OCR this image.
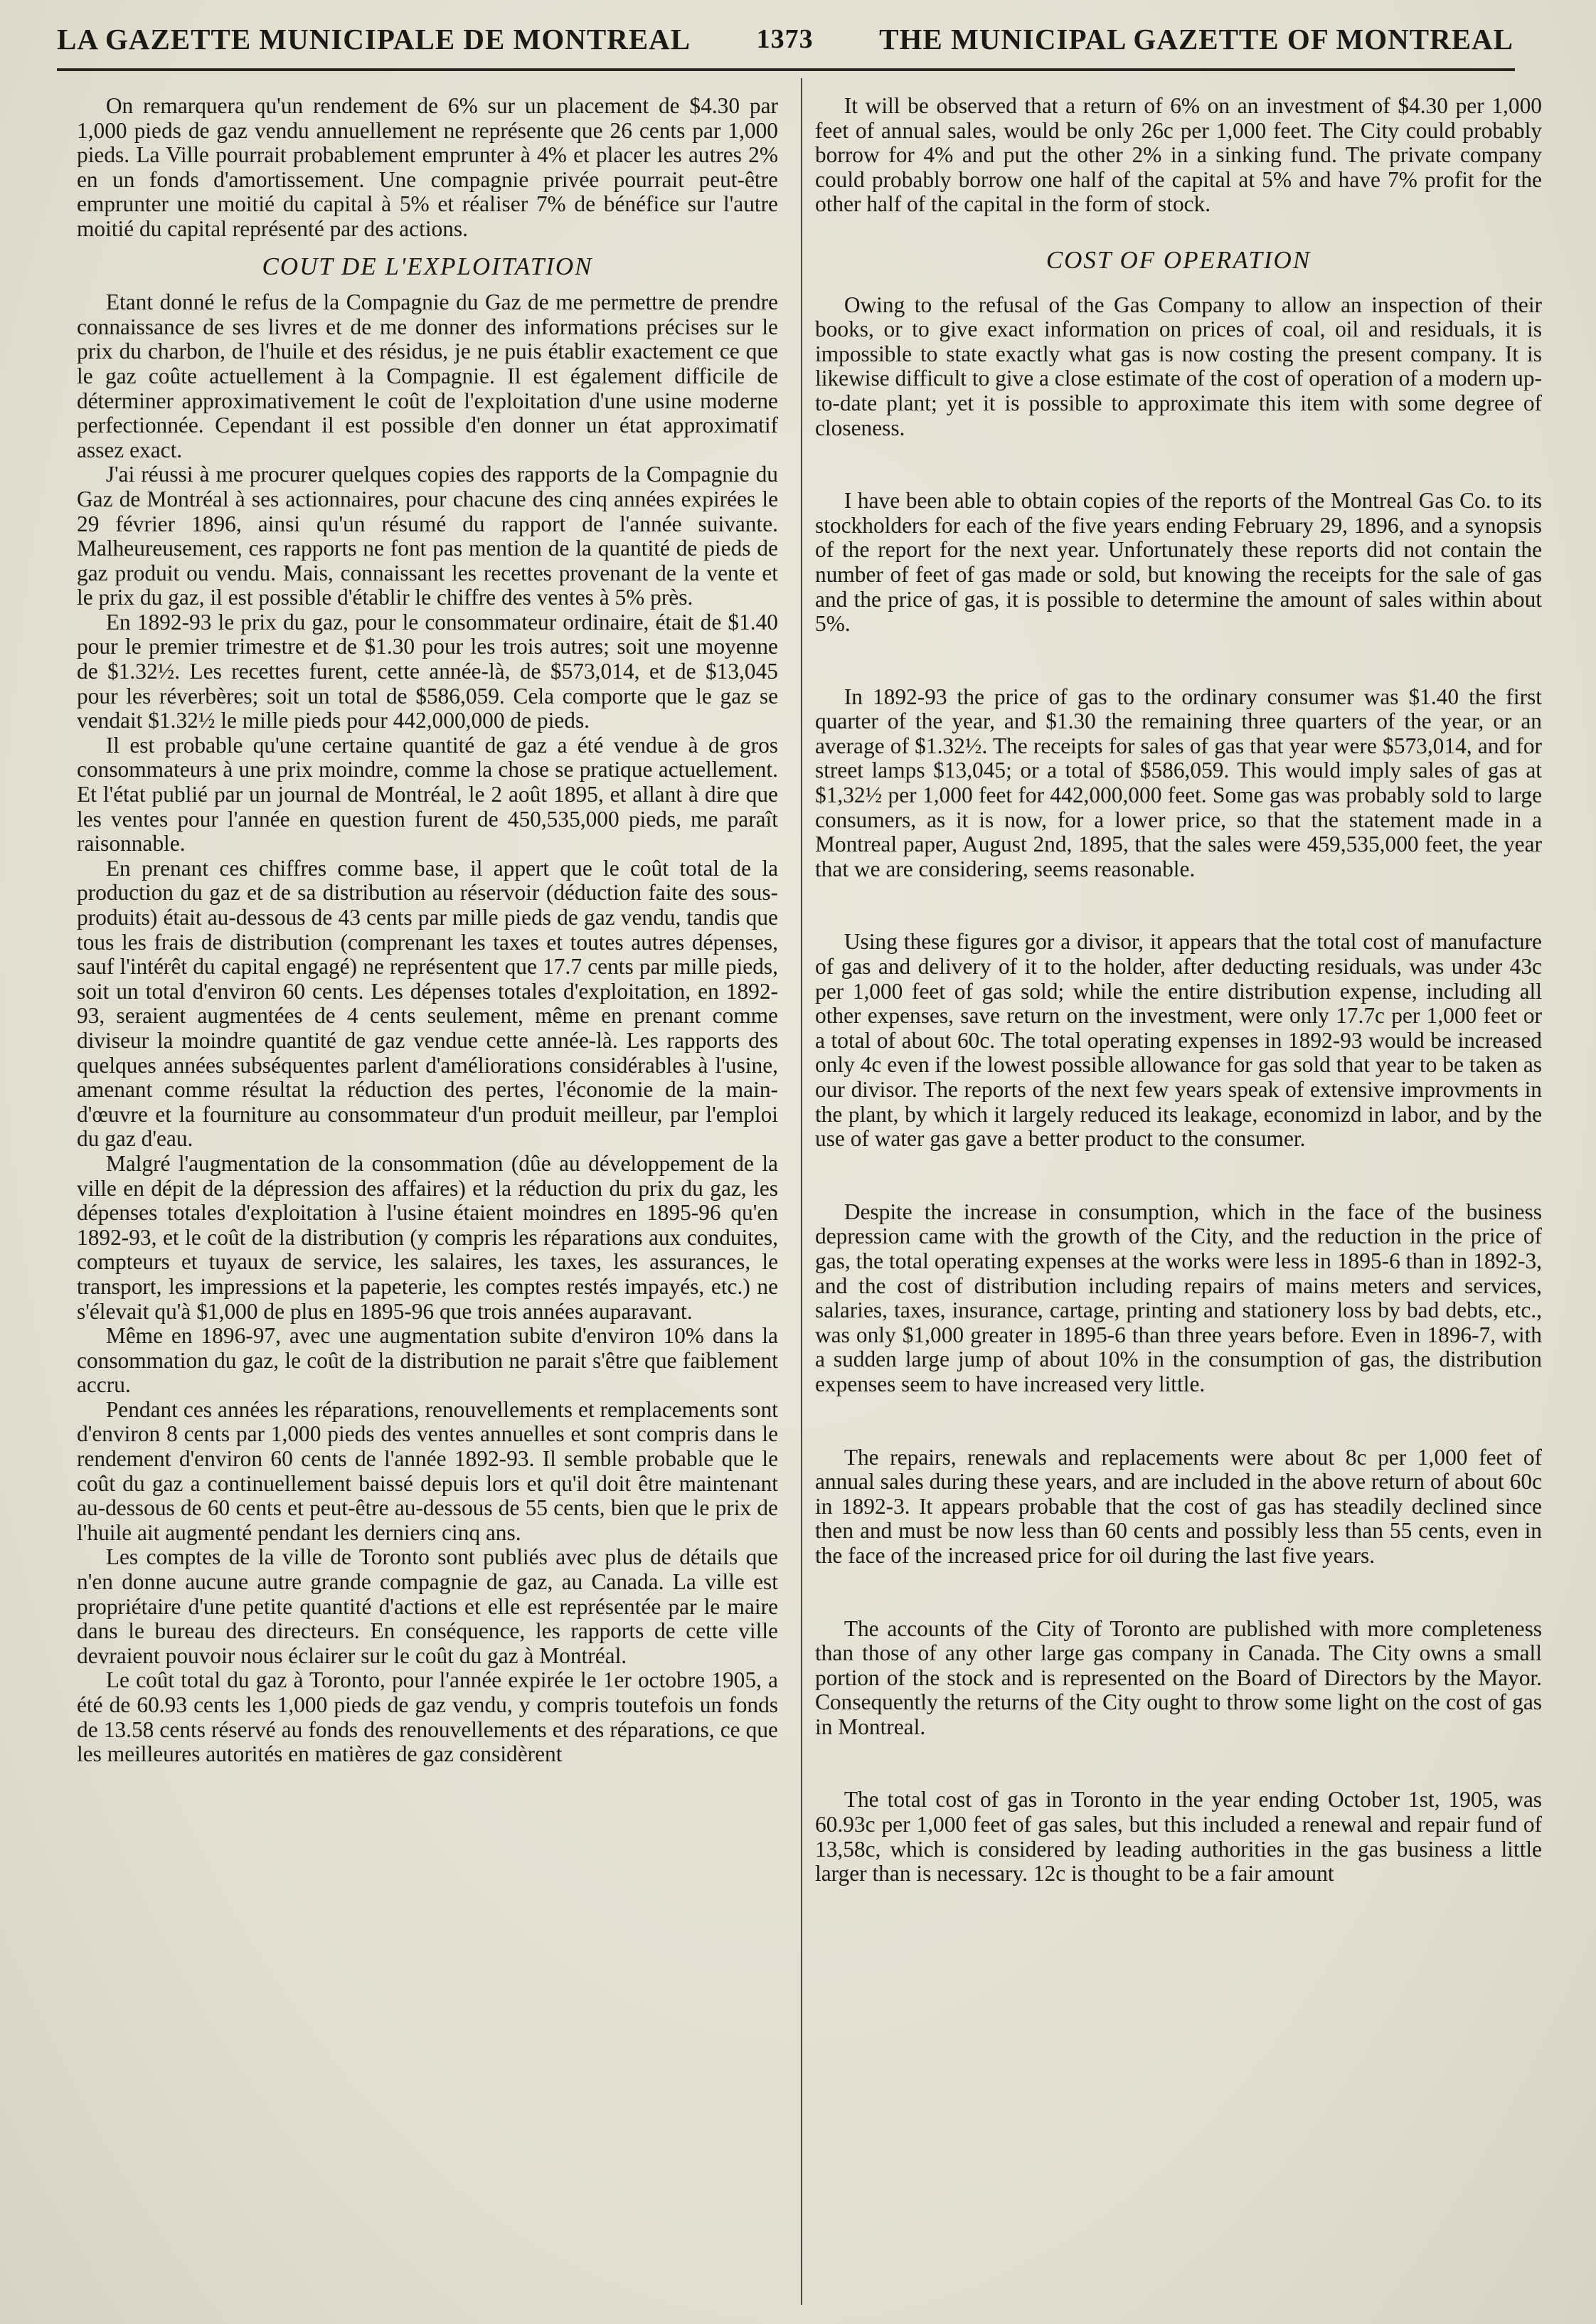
LA GAZETTE MUNICIPALE DE MONTREAL 1373 THE MUNICIPAL GAZETTE OF MONTREAL

On remarquera qu'un rendement de 6% sur un placement de $4.30 par 1,000 pieds de gaz vendu annuellement ne représente que 26 cents par 1,000 pieds. La Ville pourrait probablement emprunter à 4% et placer les autres 2% en un fonds d'amortissement. Une compagnie privée pourrait peut-être emprunter une moitié du capital à 5% et réaliser 7% de bénéfice sur l'autre moitié du capital représenté par des actions.

COUT DE L'EXPLOITATION

Etant donné le refus de la Compagnie du Gaz de me permettre de prendre connaissance de ses livres et de me donner des informations précises sur le prix du charbon, de l'huile et des résidus, je ne puis établir exactement ce que le gaz coûte actuellement à la Compagnie. Il est également difficile de déterminer approximativement le coût de l'exploitation d'une usine moderne perfectionnée. Cependant il est possible d'en donner un état approximatif assez exact.

J'ai réussi à me procurer quelques copies des rapports de la Compagnie du Gaz de Montréal à ses actionnaires, pour chacune des cinq années expirées le 29 février 1896, ainsi qu'un résumé du rapport de l'année suivante. Malheureusement, ces rapports ne font pas mention de la quantité de pieds de gaz produit ou vendu. Mais, connaissant les recettes provenant de la vente et le prix du gaz, il est possible d'établir le chiffre des ventes à 5% près.

En 1892-93 le prix du gaz, pour le consommateur ordinaire, était de $1.40 pour le premier trimestre et de $1.30 pour les trois autres; soit une moyenne de $1.32½. Les recettes furent, cette année-là, de $573,014, et de $13,045 pour les réverbères; soit un total de $586,059. Cela comporte que le gaz se vendait $1.32½ le mille pieds pour 442,000,000 de pieds.

Il est probable qu'une certaine quantité de gaz a été vendue à de gros consommateurs à une prix moindre, comme la chose se pratique actuellement. Et l'état publié par un journal de Montréal, le 2 août 1895, et allant à dire que les ventes pour l'année en question furent de 450,535,000 pieds, me paraît raisonnable.

En prenant ces chiffres comme base, il appert que le coût total de la production du gaz et de sa distribution au réservoir (déduction faite des sous-produits) était au-dessous de 43 cents par mille pieds de gaz vendu, tandis que tous les frais de distribution (comprenant les taxes et toutes autres dépenses, sauf l'intérêt du capital engagé) ne représentent que 17.7 cents par mille pieds, soit un total d'environ 60 cents. Les dépenses totales d'exploitation, en 1892-93, seraient augmentées de 4 cents seulement, même en prenant comme diviseur la moindre quantité de gaz vendue cette année-là. Les rapports des quelques années subséquentes parlent d'améliorations considérables à l'usine, amenant comme résultat la réduction des pertes, l'économie de la main-d'œuvre et la fourniture au consommateur d'un produit meilleur, par l'emploi du gaz d'eau.

Malgré l'augmentation de la consommation (dûe au développement de la ville en dépit de la dépression des affaires) et la réduction du prix du gaz, les dépenses totales d'exploitation à l'usine étaient moindres en 1895-96 qu'en 1892-93, et le coût de la distribution (y compris les réparations aux conduites, compteurs et tuyaux de service, les salaires, les taxes, les assurances, le transport, les impressions et la papeterie, les comptes restés impayés, etc.) ne s'élevait qu'à $1,000 de plus en 1895-96 que trois années auparavant.

Même en 1896-97, avec une augmentation subite d'environ 10% dans la consommation du gaz, le coût de la distribution ne parait s'être que faiblement accru.

Pendant ces années les réparations, renouvellements et remplacements sont d'environ 8 cents par 1,000 pieds des ventes annuelles et sont compris dans le rendement d'environ 60 cents de l'année 1892-93. Il semble probable que le coût du gaz a continuellement baissé depuis lors et qu'il doit être maintenant au-dessous de 60 cents et peut-être au-dessous de 55 cents, bien que le prix de l'huile ait augmenté pendant les derniers cinq ans.

Les comptes de la ville de Toronto sont publiés avec plus de détails que n'en donne aucune autre grande compagnie de gaz, au Canada. La ville est propriétaire d'une petite quantité d'actions et elle est représentée par le maire dans le bureau des directeurs. En conséquence, les rapports de cette ville devraient pouvoir nous éclairer sur le coût du gaz à Montréal.

Le coût total du gaz à Toronto, pour l'année expirée le 1er octobre 1905, a été de 60.93 cents les 1,000 pieds de gaz vendu, y compris toutefois un fonds de 13.58 cents réservé au fonds des renouvellements et des réparations, ce que les meilleures autorités en matières de gaz considèrent

It will be observed that a return of 6% on an investment of $4.30 per 1,000 feet of annual sales, would be only 26c per 1,000 feet. The City could probably borrow for 4% and put the other 2% in a sinking fund. The private company could probably borrow one half of the capital at 5% and have 7% profit for the other half of the capital in the form of stock.

COST OF OPERATION

Owing to the refusal of the Gas Company to allow an inspection of their books, or to give exact information on prices of coal, oil and residuals, it is impossible to state exactly what gas is now costing the present company. It is likewise difficult to give a close estimate of the cost of operation of a modern up-to-date plant; yet it is possible to approximate this item with some degree of closeness.

I have been able to obtain copies of the reports of the Montreal Gas Co. to its stockholders for each of the five years ending February 29, 1896, and a synopsis of the report for the next year. Unfortunately these reports did not contain the number of feet of gas made or sold, but knowing the receipts for the sale of gas and the price of gas, it is possible to determine the amount of sales within about 5%.

In 1892-93 the price of gas to the ordinary consumer was $1.40 the first quarter of the year, and $1.30 the remaining three quarters of the year, or an average of $1.32½. The receipts for sales of gas that year were $573,014, and for street lamps $13,045; or a total of $586,059. This would imply sales of gas at $1,32½ per 1,000 feet for 442,000,000 feet. Some gas was probably sold to large consumers, as it is now, for a lower price, so that the statement made in a Montreal paper, August 2nd, 1895, that the sales were 459,535,000 feet, the year that we are considering, seems reasonable.

Using these figures gor a divisor, it appears that the total cost of manufacture of gas and delivery of it to the holder, after deducting residuals, was under 43c per 1,000 feet of gas sold; while the entire distribution expense, including all other expenses, save return on the investment, were only 17.7c per 1,000 feet or a total of about 60c. The total operating expenses in 1892-93 would be increased only 4c even if the lowest possible allowance for gas sold that year to be taken as our divisor. The reports of the next few years speak of extensive improvments in the plant, by which it largely reduced its leakage, economizd in labor, and by the use of water gas gave a better product to the consumer.

Despite the increase in consumption, which in the face of the business depression came with the growth of the City, and the reduction in the price of gas, the total operating expenses at the works were less in 1895-6 than in 1892-3, and the cost of distribution including repairs of mains meters and services, salaries, taxes, insurance, cartage, printing and stationery loss by bad debts, etc., was only $1,000 greater in 1895-6 than three years before. Even in 1896-7, with a sudden large jump of about 10% in the consumption of gas, the distribution expenses seem to have increased very little.

The repairs, renewals and replacements were about 8c per 1,000 feet of annual sales during these years, and are included in the above return of about 60c in 1892-3. It appears probable that the cost of gas has steadily declined since then and must be now less than 60 cents and possibly less than 55 cents, even in the face of the increased price for oil during the last five years.

The accounts of the City of Toronto are published with more completeness than those of any other large gas company in Canada. The City owns a small portion of the stock and is represented on the Board of Directors by the Mayor. Consequently the returns of the City ought to throw some light on the cost of gas in Montreal.

The total cost of gas in Toronto in the year ending October 1st, 1905, was 60.93c per 1,000 feet of gas sales, but this included a renewal and repair fund of 13,58c, which is considered by leading authorities in the gas business a little larger than is necessary. 12c is thought to be a fair amount
